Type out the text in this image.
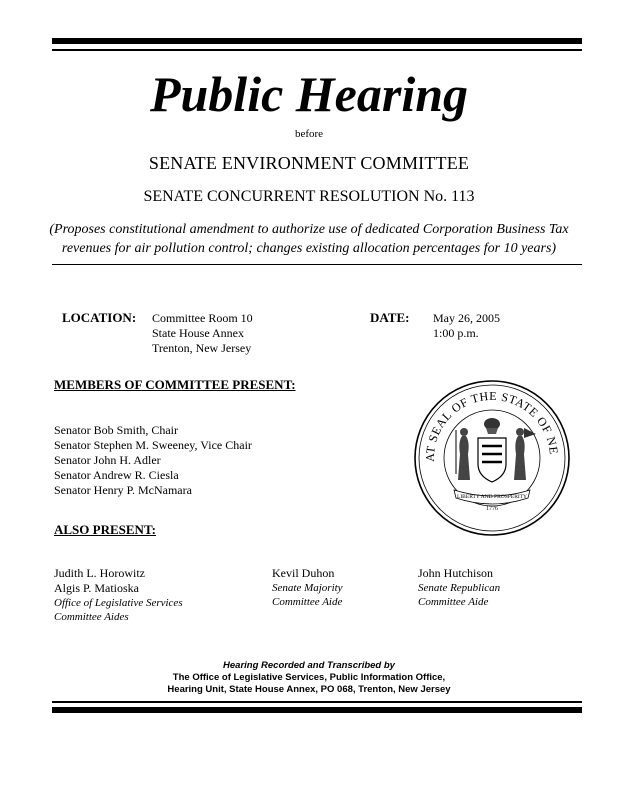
Public Hearing
before
SENATE ENVIRONMENT COMMITTEE
SENATE CONCURRENT RESOLUTION No. 113
(Proposes constitutional amendment to authorize use of dedicated Corporation Business Tax
revenues for air pollution control; changes existing allocation percentages for 10 years)
LOCATION: Committee Room 10
State House Annex
Trenton, New Jersey
DATE: May 26, 2005
1:00 p.m.
MEMBERS OF COMMITTEE PRESENT:
Senator Bob Smith, Chair
Senator Stephen M. Sweeney, Vice Chair
Senator John H. Adler
Senator Andrew R. Ciesla
Senator Henry P. McNamara
AT SEAL OF THE STATE OF NE
LIBERTY AND PROSPERITY
1776
ALSO PRESENT:
Judith L. Horowitz
Algis P. Matioska
Office of Legislative Services
Committee Aides
Kevil Duhon
Senate Majority
Committee Aide
John Hutchison
Senate Republican
Committee Aide
Hearing Recorded and Transcribed by
The Office of Legislative Services, Public Information Office,
Hearing Unit, State House Annex, PO 068, Trenton, New Jersey
